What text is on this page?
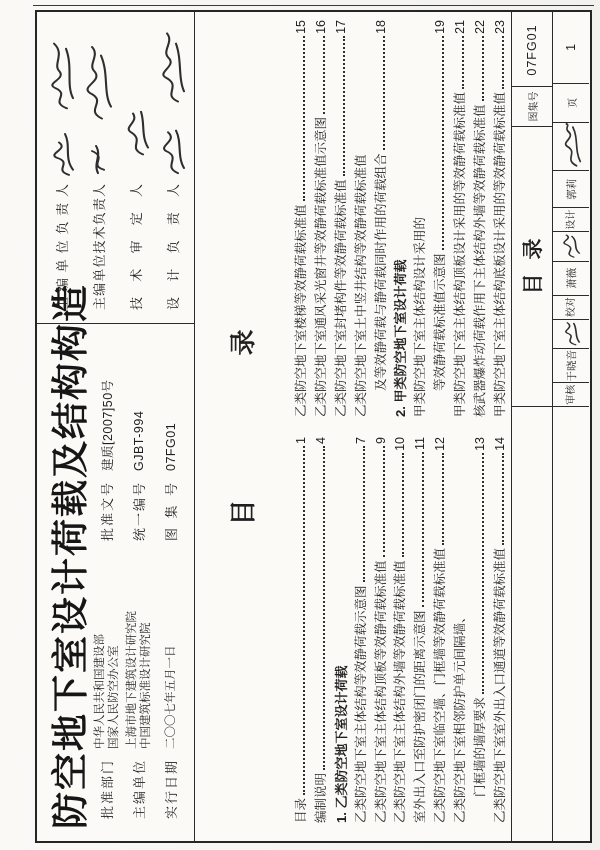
防空地下室设计荷载及结构构造 批准部门
中华人民共和国建设部 国家人民防空办公室
主编单位
上海市地下建筑设计研究院 中国建筑标准设计研究院
实行日期
二〇〇七年五月一日
批准文号
建质[2007]50号
统一编号
GJBT-994
图集号
07FG01
主编单位负责人 主编单位技术负责人 技术审定人 设计负责人
目
录
目录
1
编制说明
4
1. 乙类防空地下室设计荷载 乙类防空地下室主体结构等效静荷载示意图
7
乙类防空地下室主体结构顶板等效静荷载标准值
9
乙类防空地下室主体结构外墙等效静荷载标准值
10
室外出入口至防护密闭门的距离示意图
11
乙类防空地下室临空墙、门框墙等效静荷载标准值
12
乙类防空地下室相邻防护单元间隔墙、 门框墙的墙厚要求
13
乙类防空地下室室外出入口通道等效静荷载标准值
14
乙类防空地下室楼梯等效静荷载标准值
15
乙类防空地下室通风采光窗井等效静荷载标准值示意图
16
乙类防空地下室封堵构件等效静荷载标准值
17
乙类防空地下室土中竖井结构等效静荷载标准值 及等效静荷载与静荷载同时作用的荷载组合
18
2. 甲类防空地下室设计荷载 甲类防空地下室主体结构设计采用的 等效静荷载标准值示意图
19
甲类防空地下室主体结构顶板设计采用的等效静荷载标准值
21
核武器爆炸动荷载作用下主体结构外墙等效静荷载标准值
22
甲类防空地下室主体结构底板设计采用的等效静荷载标准值
23
目录
图集号
07FG01
审核
于晓音
校对
萧薇
设计
郭莉
页
1
